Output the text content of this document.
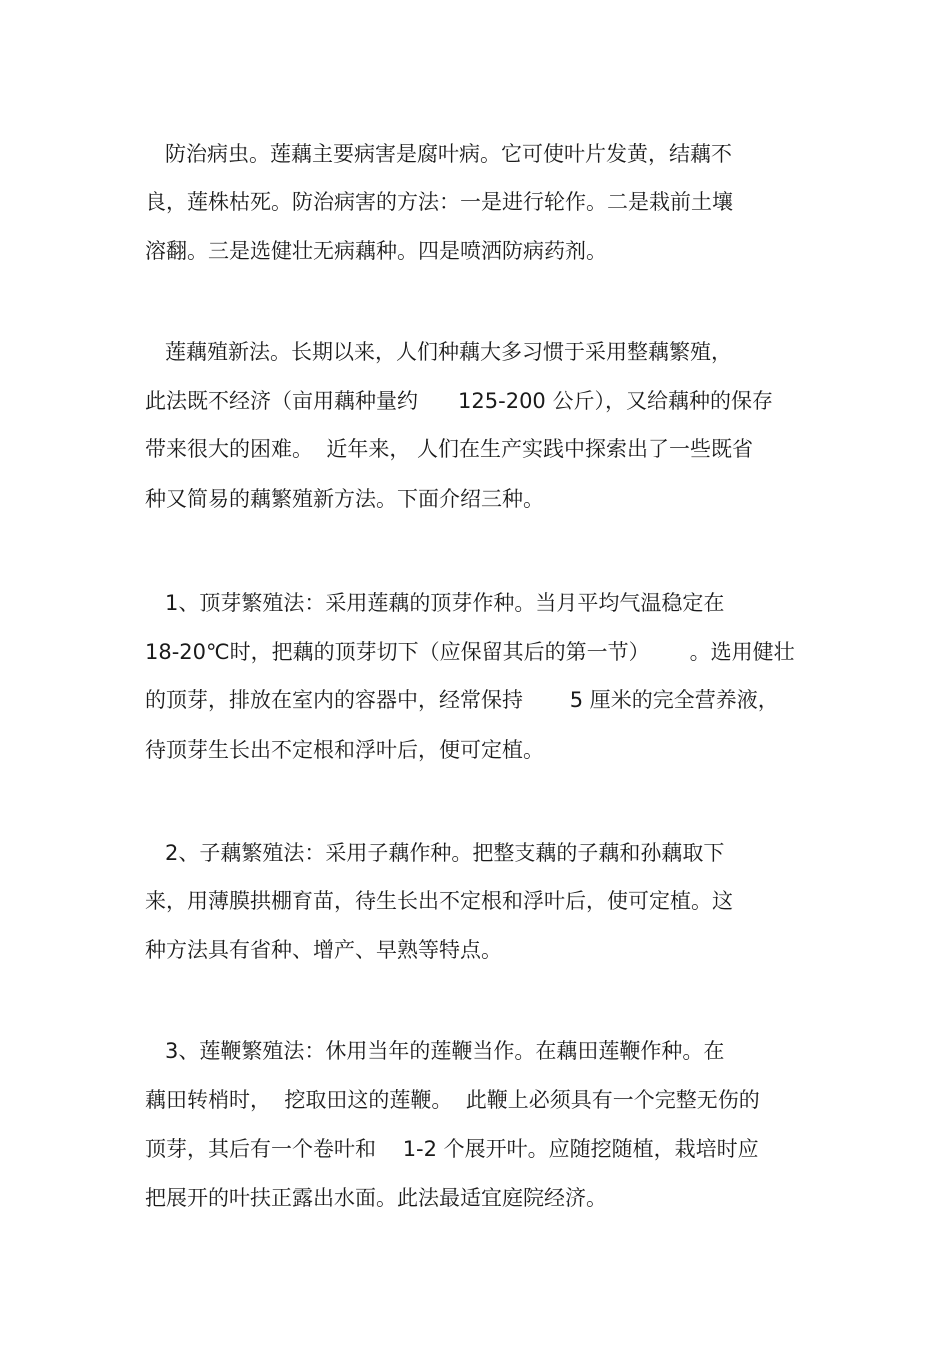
防治病虫。莲藕主要病害是腐叶病。它可使叶片发黄，结藕不
良，莲株枯死。防治病害的方法：一是进行轮作。二是栽前土壤
溶翻。三是选健壮无病藕种。四是喷洒防病药剂。
莲藕殖新法。长期以来，人们种藕大多习惯于采用整藕繁殖，
此法既不经济（亩用藕种量约      125-200 公斤），又给藕种的保存
带来很大的困难。  近年来， 人们在生产实践中探索出了一些既省
种又简易的藕繁殖新方法。下面介绍三种。
1、顶芽繁殖法：采用莲藕的顶芽作种。当月平均气温稳定在
18-20℃时，把藕的顶芽切下（应保留其后的第一节）      。选用健壮
的顶芽，排放在室内的容器中，经常保持       5 厘米的完全营养液，
待顶芽生长出不定根和浮叶后，便可定植。
2、子藕繁殖法：采用子藕作种。把整支藕的子藕和孙藕取下
来，用薄膜拱棚育苗，待生长出不定根和浮叶后，使可定植。这
种方法具有省种、增产、早熟等特点。
3、莲鞭繁殖法：休用当年的莲鞭当作。在藕田莲鞭作种。在
藕田转梢时，  挖取田这的莲鞭。  此鞭上必须具有一个完整无伤的
顶芽，其后有一个卷叶和    1-2 个展开叶。应随挖随植，栽培时应
把展开的叶扶正露出水面。此法最适宜庭院经济。
